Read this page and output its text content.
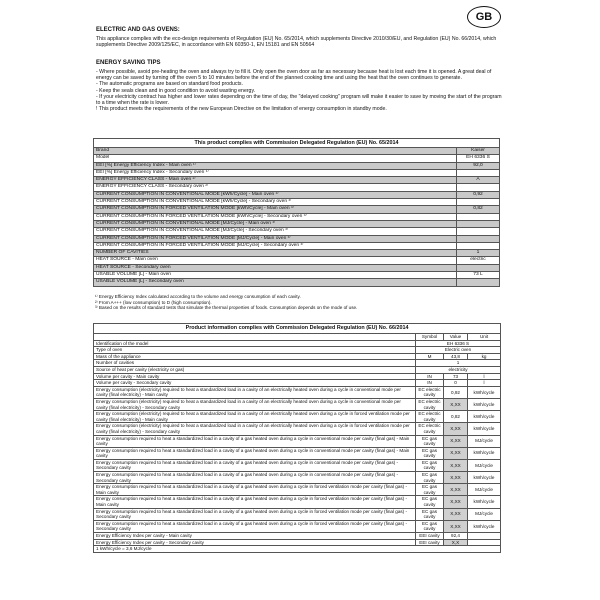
GB
ELECTRIC AND GAS OVENS:
This appliance complies with the eco-design requirements of Regulation (EU) No. 65/2014, which supplements Directive 2010/30/EU, and Regulation (EU) No. 66/2014, which supplements Directive 2009/125/EC, in accordance with EN 60350-1, EN 15181 and EN 50564
ENERGY SAVING TIPS
- Where possible, avoid pre-heating the oven and always try to fill it. Only open the oven door as far as necessary because heat is lost each time it is opened. A great deal of energy can be saved by turning off the oven 5 to 10 minutes before the end of the planned cooking time and using the heat that the oven continues to generate.
- The automatic programs are based on standard food products.
- Keep the seals clean and in good condition to avoid wasting energy.
- If your electricity contract has higher and lower rates depending on the time of day, the "delayed cooking" program will make it easier to save by moving the start of the program to a time when the rate is lower.
! This product meets the requirements of the new European Directive on the limitation of energy consumption in standby mode.
This product complies with Commission Delegated Regulation (EU) No. 65/2014	
Brand	Kaiser
Model	EH 6336 S
EEI [%] Energy Efficiency Index - Main oven ¹⁾	92,0
EEI [%] Energy Efficiency Index - Secondary oven ¹⁾	
ENERGY EFFICIENCY CLASS - Main oven ²⁾	A
ENERGY EFFICIENCY CLASS - Secondary oven ²⁾	
CURRENT CONSUMPTION IN CONVENTIONAL MODE [kWh/Cycle] - Main oven ³⁾	0,92
CURRENT CONSUMPTION IN CONVENTIONAL MODE [kWh/Cycle] - Secondary oven ³⁾	
CURRENT CONSUMPTION IN FORCED VENTILATION MODE [kWh/Cycle] - Main oven ³⁾	0,82
CURRENT CONSUMPTION IN FORCED VENTILATION MODE [kWh/Cycle] - Secondary oven ³⁾	
CURRENT CONSUMPTION IN CONVENTIONAL MODE [MJ/Cycle] - Main oven ³⁾	
CURRENT CONSUMPTION IN CONVENTIONAL MODE [MJ/Cycle] - Secondary oven ³⁾	
CURRENT CONSUMPTION IN FORCED VENTILATION MODE [MJ/Cycle] - Main oven ³⁾	
CURRENT CONSUMPTION IN FORCED VENTILATION MODE [MJ/Cycle] - Secondary oven ³⁾	
NUMBER OF CAVITIES	1
HEAT SOURCE - Main oven	electric
HEAT SOURCE - Secondary oven	
USABLE VOLUME [L] - Main oven	73 L
USABLE VOLUME [L] - Secondary oven	
¹⁾ Energy Efficiency Index calculated according to the volume and energy consumption of each cavity.
²⁾ From A+++ (low consumption) to D (high consumption).
³⁾ Based on the results of standard tests that simulate the thermal properties of foods. Consumption depends on the mode of use.
Product information complies with Commission Delegated Regulation (EU) No. 66/2014			
	Symbol	Value	Unit
Identification of the model	EH 6336 S		
Type of oven	Electric oven		
Mass of the appliance	M	43,8	kg
Number of cavities	1		
Source of heat per cavity (electricity or gas)	electricity		
Volume per cavity - Main cavity	IN	73	l
Volume per cavity - Secondary cavity	IN	0	l
Energy consumption (electricity) required to heat a standardized load in a cavity of an electrically heated oven during a cycle in conventional mode per cavity (final electricity) - Main cavity	EC electric cavity	0,92	kWh/cycle
Energy consumption (electricity) required to heat a standardized load in a cavity of an electrically heated oven during a cycle in conventional mode per cavity (final electricity) - Secondary cavity	EC electric cavity	X,XX	kWh/cycle
Energy consumption (electricity) required to heat a standardized load in a cavity of an electrically heated oven during a cycle in forced ventilation mode per cavity (final electricity) - Main cavity	EC electric cavity	0,82	kWh/cycle
Energy consumption (electricity) required to heat a standardized load in a cavity of an electrically heated oven during a cycle in forced ventilation mode per cavity (final electricity) - Secondary cavity	EC electric cavity	X,XX	kWh/cycle
Energy consumption required to heat a standardized load in a cavity of a gas heated oven during a cycle in conventional mode per cavity (final gas) - Main cavity	EC gas cavity	X,XX	MJ/cycle
Energy consumption required to heat a standardized load in a cavity of a gas heated oven during a cycle in conventional mode per cavity (final gas) - Main cavity	EC gas cavity	X,XX	kWh/cycle
Energy consumption required to heat a standardized load in a cavity of a gas heated oven during a cycle in conventional mode per cavity (final gas) - Secondary cavity	EC gas cavity	X,XX	MJ/cycle
Energy consumption required to heat a standardized load in a cavity of a gas heated oven during a cycle in conventional mode per cavity (final gas) - Secondary cavity	EC gas cavity	X,XX	kWh/cycle
Energy consumption required to heat a standardized load in a cavity of a gas heated oven during a cycle in forced ventilation mode per cavity (final gas) - Main cavity	EC gas cavity	X,XX	MJ/cycle
Energy consumption required to heat a standardized load in a cavity of a gas heated oven during a cycle in forced ventilation mode per cavity (final gas) - Main cavity	EC gas cavity	X,XX	kWh/cycle
Energy consumption required to heat a standardized load in a cavity of a gas heated oven during a cycle in forced ventilation mode per cavity (final gas) - Secondary cavity	EC gas cavity	X,XX	MJ/cycle
Energy consumption required to heat a standardized load in a cavity of a gas heated oven during a cycle in forced ventilation mode per cavity (final gas) - Secondary cavity	EC gas cavity	X,XX	kWh/cycle
Energy Efficiency Index per cavity - Main cavity	EEI cavity	92,4	
Energy Efficiency Index per cavity - Secondary cavity	EEI cavity	X,X	
1 kWh/cycle = 3,6 MJ/cycle			
